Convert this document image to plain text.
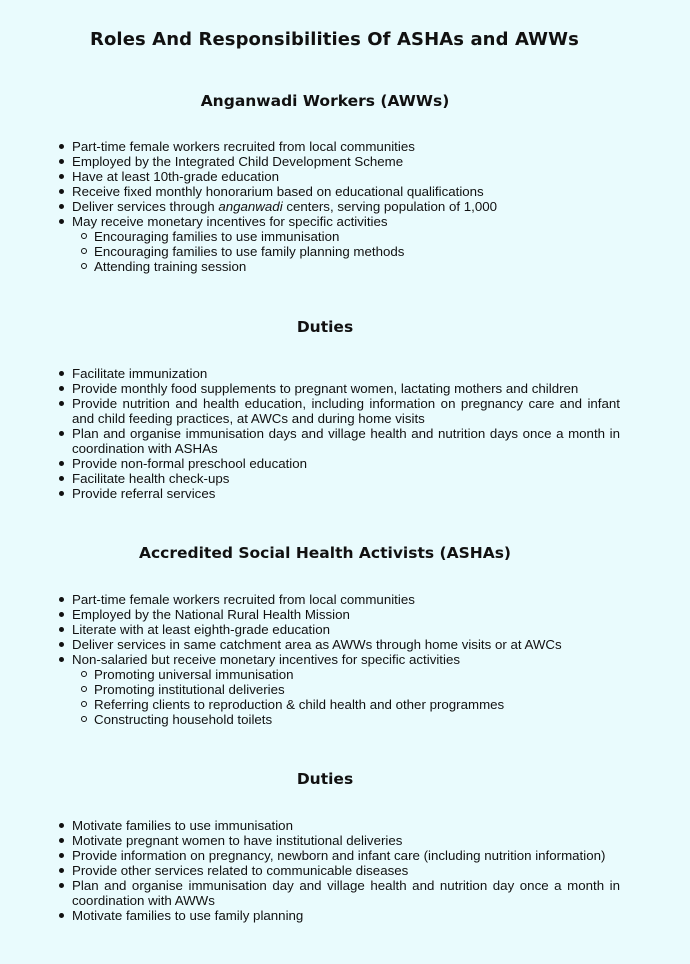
Roles And Responsibilities Of ASHAs and AWWs
Anganwadi Workers (AWWs)
Part-time female workers recruited from local communities
Employed by the Integrated Child Development Scheme
Have at least 10th-grade education
Receive fixed monthly honorarium based on educational qualifications
Deliver services through anganwadi centers, serving population of 1,000
May receive monetary incentives for specific activities
Encouraging families to use immunisation
Encouraging families to use family planning methods
Attending training session
Duties
Facilitate immunization
Provide monthly food supplements to pregnant women, lactating mothers and children
Provide nutrition and health education, including information on pregnancy care and infant and child feeding practices, at AWCs and during home visits
Plan and organise immunisation days and village health and nutrition days once a month in coordination with ASHAs
Provide non-formal preschool education
Facilitate health check-ups
Provide referral services
Accredited Social Health Activists (ASHAs)
Part-time female workers recruited from local communities
Employed by the National Rural Health Mission
Literate with at least eighth-grade education
Deliver services in same catchment area as AWWs through home visits or at AWCs
Non-salaried but receive monetary incentives for specific activities
Promoting universal immunisation
Promoting institutional deliveries
Referring clients to reproduction & child health and other programmes
Constructing household toilets
Duties
Motivate families to use immunisation
Motivate pregnant women to have institutional deliveries
Provide information on pregnancy, newborn and infant care (including nutrition information)
Provide other services related to communicable diseases
Plan and organise immunisation day and village health and nutrition day once a month in coordination with AWWs
Motivate families to use family planning
